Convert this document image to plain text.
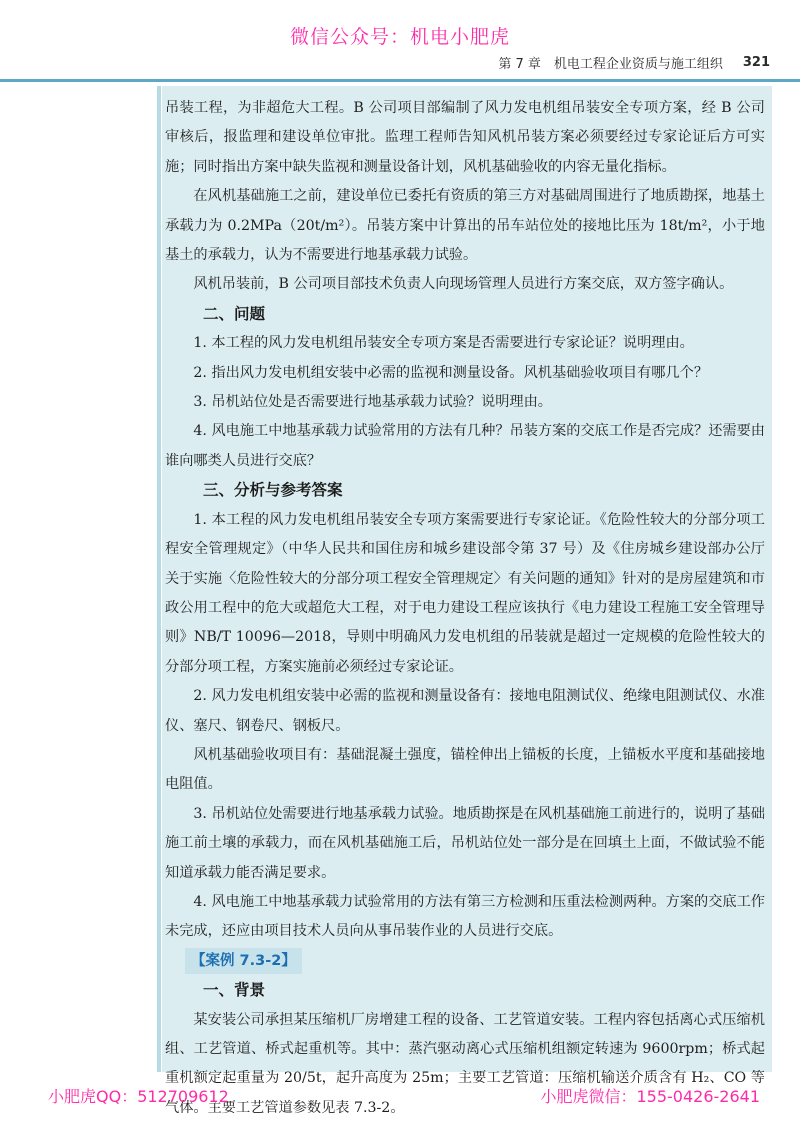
微信公众号：机电小肥虎
第 7 章　机电工程企业资质与施工组织 321

吊装工程，为非超危大工程。B 公司项目部编制了风力发电机组吊装安全专项方案，经 B 公司审核后，报监理和建设单位审批。监理工程师告知风机吊装方案必须要经过专家论证后方可实施；同时指出方案中缺失监视和测量设备计划，风机基础验收的内容无量化指标。

在风机基础施工之前，建设单位已委托有资质的第三方对基础周围进行了地质勘探，地基土承载力为 0.2MPa（20t/m²）。吊装方案中计算出的吊车站位处的接地比压为 18t/m²，小于地基土的承载力，认为不需要进行地基承载力试验。

风机吊装前，B 公司项目部技术负责人向现场管理人员进行方案交底，双方签字确认。

二、问题

1. 本工程的风力发电机组吊装安全专项方案是否需要进行专家论证？说明理由。

2. 指出风力发电机组安装中必需的监视和测量设备。风机基础验收项目有哪几个？

3. 吊机站位处是否需要进行地基承载力试验？说明理由。

4. 风电施工中地基承载力试验常用的方法有几种？吊装方案的交底工作是否完成？还需要由谁向哪类人员进行交底？

三、分析与参考答案

1. 本工程的风力发电机组吊装安全专项方案需要进行专家论证。《危险性较大的分部分项工程安全管理规定》（中华人民共和国住房和城乡建设部令第 37 号）及《住房城乡建设部办公厅关于实施〈危险性较大的分部分项工程安全管理规定〉有关问题的通知》针对的是房屋建筑和市政公用工程中的危大或超危大工程，对于电力建设工程应该执行《电力建设工程施工安全管理导则》NB/T 10096—2018，导则中明确风力发电机组的吊装就是超过一定规模的危险性较大的分部分项工程，方案实施前必须经过专家论证。

2. 风力发电机组安装中必需的监视和测量设备有：接地电阻测试仪、绝缘电阻测试仪、水准仪、塞尺、钢卷尺、钢板尺。

风机基础验收项目有：基础混凝土强度，锚栓伸出上锚板的长度，上锚板水平度和基础接地电阻值。

3. 吊机站位处需要进行地基承载力试验。地质勘探是在风机基础施工前进行的，说明了基础施工前土壤的承载力，而在风机基础施工后，吊机站位处一部分是在回填土上面，不做试验不能知道承载力能否满足要求。

4. 风电施工中地基承载力试验常用的方法有第三方检测和压重法检测两种。方案的交底工作未完成，还应由项目技术人员向从事吊装作业的人员进行交底。

【案例 7.3-2】
一、背景

某安装公司承担某压缩机厂房增建工程的设备、工艺管道安装。工程内容包括离心式压缩机组、工艺管道、桥式起重机等。其中：蒸汽驱动离心式压缩机组额定转速为 9600rpm；桥式起重机额定起重量为 20/5t，起升高度为 25m；主要工艺管道：压缩机输送介质含有 H₂、CO 等气体。主要工艺管道参数见表 7.3-2。

小肥虎QQ：512709612	小肥虎微信：155-0426-2641
